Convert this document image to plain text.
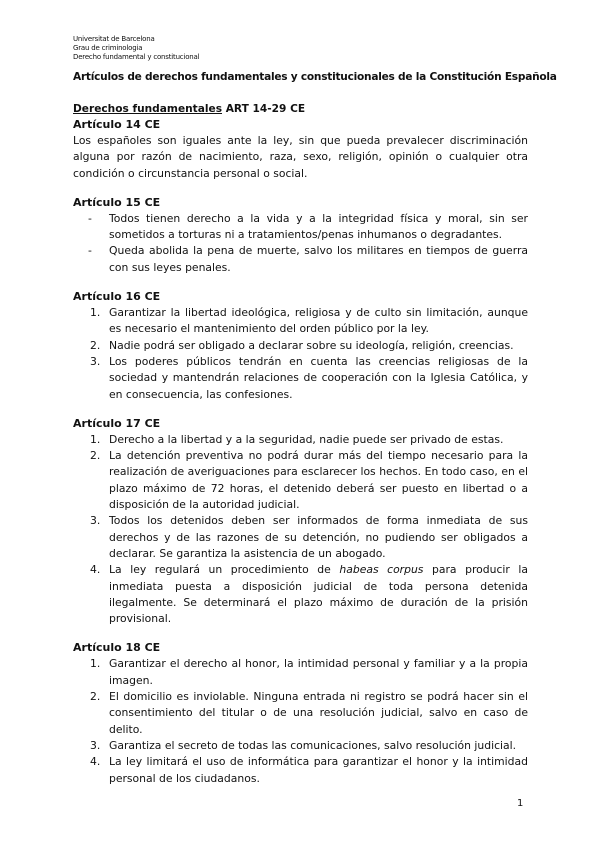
Universitat de Barcelona
Grau de criminologia
Derecho fundamental y constitucional
Artículos de derechos fundamentales y constitucionales de la Constitución Española
Derechos fundamentales ART 14-29 CE
Artículo 14 CE

Los españoles son iguales ante la ley, sin que pueda prevalecer discriminación alguna por razón de nacimiento, raza, sexo, religión, opinión o cualquier otra condición o circunstancia personal o social.

Artículo 15 CE
- Todos tienen derecho a la vida y a la integridad física y moral, sin ser sometidos a torturas ni a tratamientos/penas inhumanos o degradantes.
- Queda abolida la pena de muerte, salvo los militares en tiempos de guerra con sus leyes penales.
Artículo 16 CE
1. Garantizar la libertad ideológica, religiosa y de culto sin limitación, aunque es necesario el mantenimiento del orden público por la ley.
2. Nadie podrá ser obligado a declarar sobre su ideología, religión, creencias.
3. Los poderes públicos tendrán en cuenta las creencias religiosas de la sociedad y mantendrán relaciones de cooperación con la Iglesia Católica, y en consecuencia, las confesiones.
Artículo 17 CE
1. Derecho a la libertad y a la seguridad, nadie puede ser privado de estas.
2. La detención preventiva no podrá durar más del tiempo necesario para la realización de averiguaciones para esclarecer los hechos. En todo caso, en el plazo máximo de 72 horas, el detenido deberá ser puesto en libertad o a disposición de la autoridad judicial.
3. Todos los detenidos deben ser informados de forma inmediata de sus derechos y de las razones de su detención, no pudiendo ser obligados a declarar. Se garantiza la asistencia de un abogado.
4. La ley regulará un procedimiento de habeas corpus para producir la inmediata puesta a disposición judicial de toda persona detenida ilegalmente. Se determinará el plazo máximo de duración de la prisión provisional.
Artículo 18 CE
1. Garantizar el derecho al honor, la intimidad personal y familiar y a la propia imagen.
2. El domicilio es inviolable. Ninguna entrada ni registro se podrá hacer sin el consentimiento del titular o de una resolución judicial, salvo en caso de delito.
3. Garantiza el secreto de todas las comunicaciones, salvo resolución judicial.
4. La ley limitará el uso de informática para garantizar el honor y la intimidad personal de los ciudadanos.
1
